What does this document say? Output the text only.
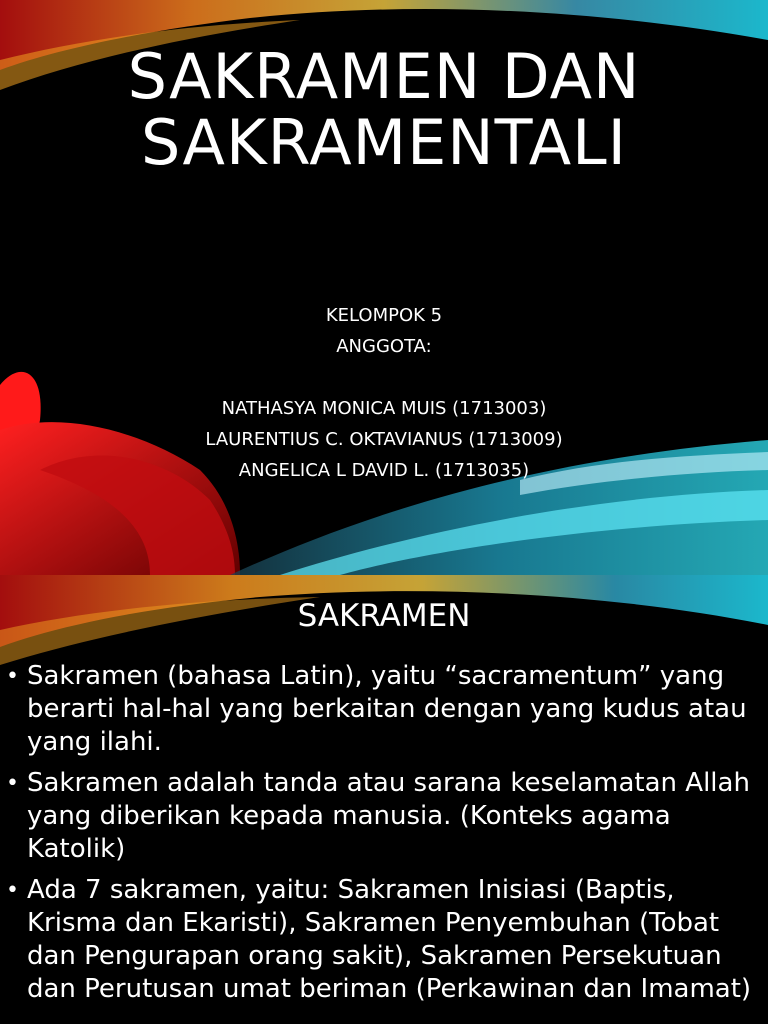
SAKRAMEN DAN
SAKRAMENTALI
KELOMPOK 5
ANGGOTA:
NATHASYA MONICA MUIS (1713003)
LAURENTIUS C. OKTAVIANUS (1713009)
ANGELICA L DAVID L. (1713035)
SAKRAMEN
• Sakramen (bahasa Latin), yaitu “sacramentum” yang berarti hal-hal yang berkaitan dengan yang kudus atau yang ilahi.
• Sakramen adalah tanda atau sarana keselamatan Allah yang diberikan kepada manusia. (Konteks agama Katolik)
• Ada 7 sakramen, yaitu: Sakramen Inisiasi (Baptis, Krisma dan Ekaristi), Sakramen Penyembuhan (Tobat dan Pengurapan orang sakit), Sakramen Persekutuan dan Perutusan umat beriman (Perkawinan dan Imamat)
